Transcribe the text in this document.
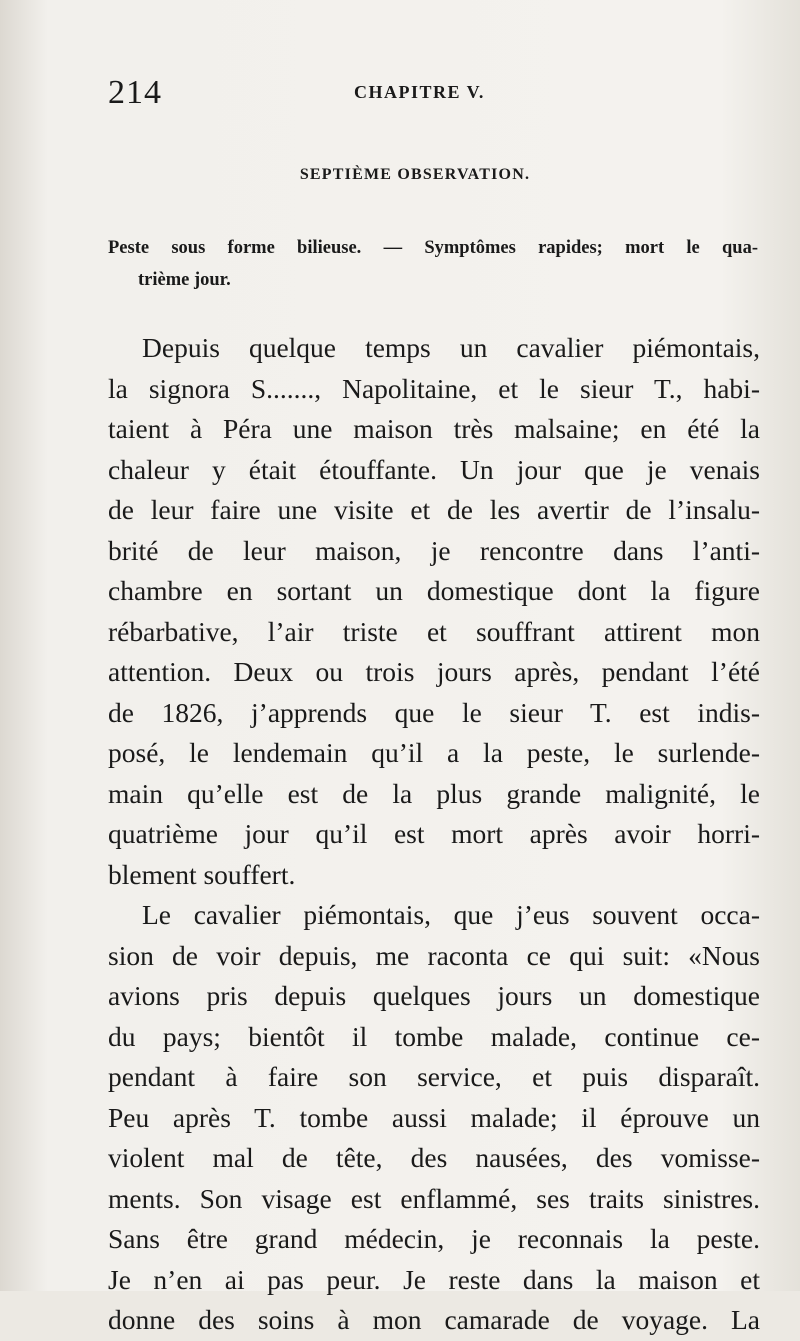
214	CHAPITRE V.
SEPTIÈME OBSERVATION.
Peste sous forme bilieuse. — Symptômes rapides; mort le qua-
trième jour.
Depuis quelque temps un cavalier piémontais,
la signora S......., Napolitaine, et le sieur T., habi-
taient à Péra une maison très malsaine; en été la
chaleur y était étouffante. Un jour que je venais
de leur faire une visite et de les avertir de l’insalu-
brité de leur maison, je rencontre dans l’anti-
chambre en sortant un domestique dont la figure
rébarbative, l’air triste et souffrant attirent mon
attention. Deux ou trois jours après, pendant l’été
de 1826, j’apprends que le sieur T. est indis-
posé, le lendemain qu’il a la peste, le surlende-
main qu’elle est de la plus grande malignité, le
quatrième jour qu’il est mort après avoir horri-
blement souffert.
Le cavalier piémontais, que j’eus souvent occa-
sion de voir depuis, me raconta ce qui suit: «Nous
avions pris depuis quelques jours un domestique
du pays; bientôt il tombe malade, continue ce-
pendant à faire son service, et puis disparaît.
Peu après T. tombe aussi malade; il éprouve un
violent mal de tête, des nausées, des vomisse-
ments. Son visage est enflammé, ses traits sinistres.
Sans être grand médecin, je reconnais la peste.
Je n’en ai pas peur. Je reste dans la maison et
donne des soins à mon camarade de voyage. La
